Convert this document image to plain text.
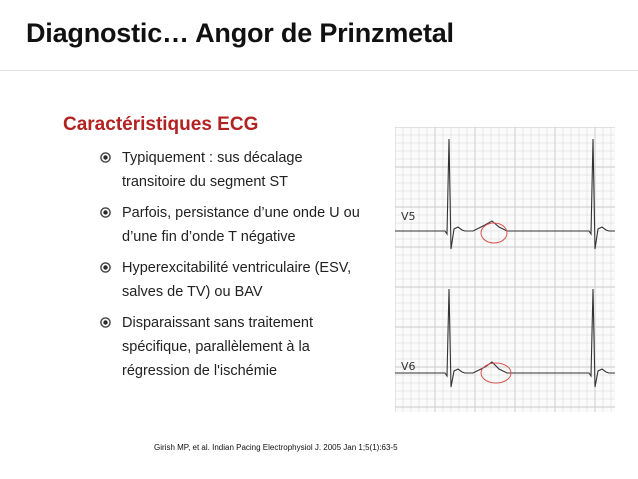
Diagnostic… Angor de Prinzmetal
Caractéristiques ECG
Typiquement : sus décalage
transitoire du segment ST
Parfois, persistance d’une onde U ou
d’une fin d’onde T négative
Hyperexcitabilité ventriculaire (ESV,
salves de TV) ou BAV
Disparaissant sans traitement
spécifique, parallèlement à la
régression de l'ischémie
V5
V6
Girish MP, et al. Indian Pacing Electrophysiol J. 2005 Jan 1;5(1):63-5
